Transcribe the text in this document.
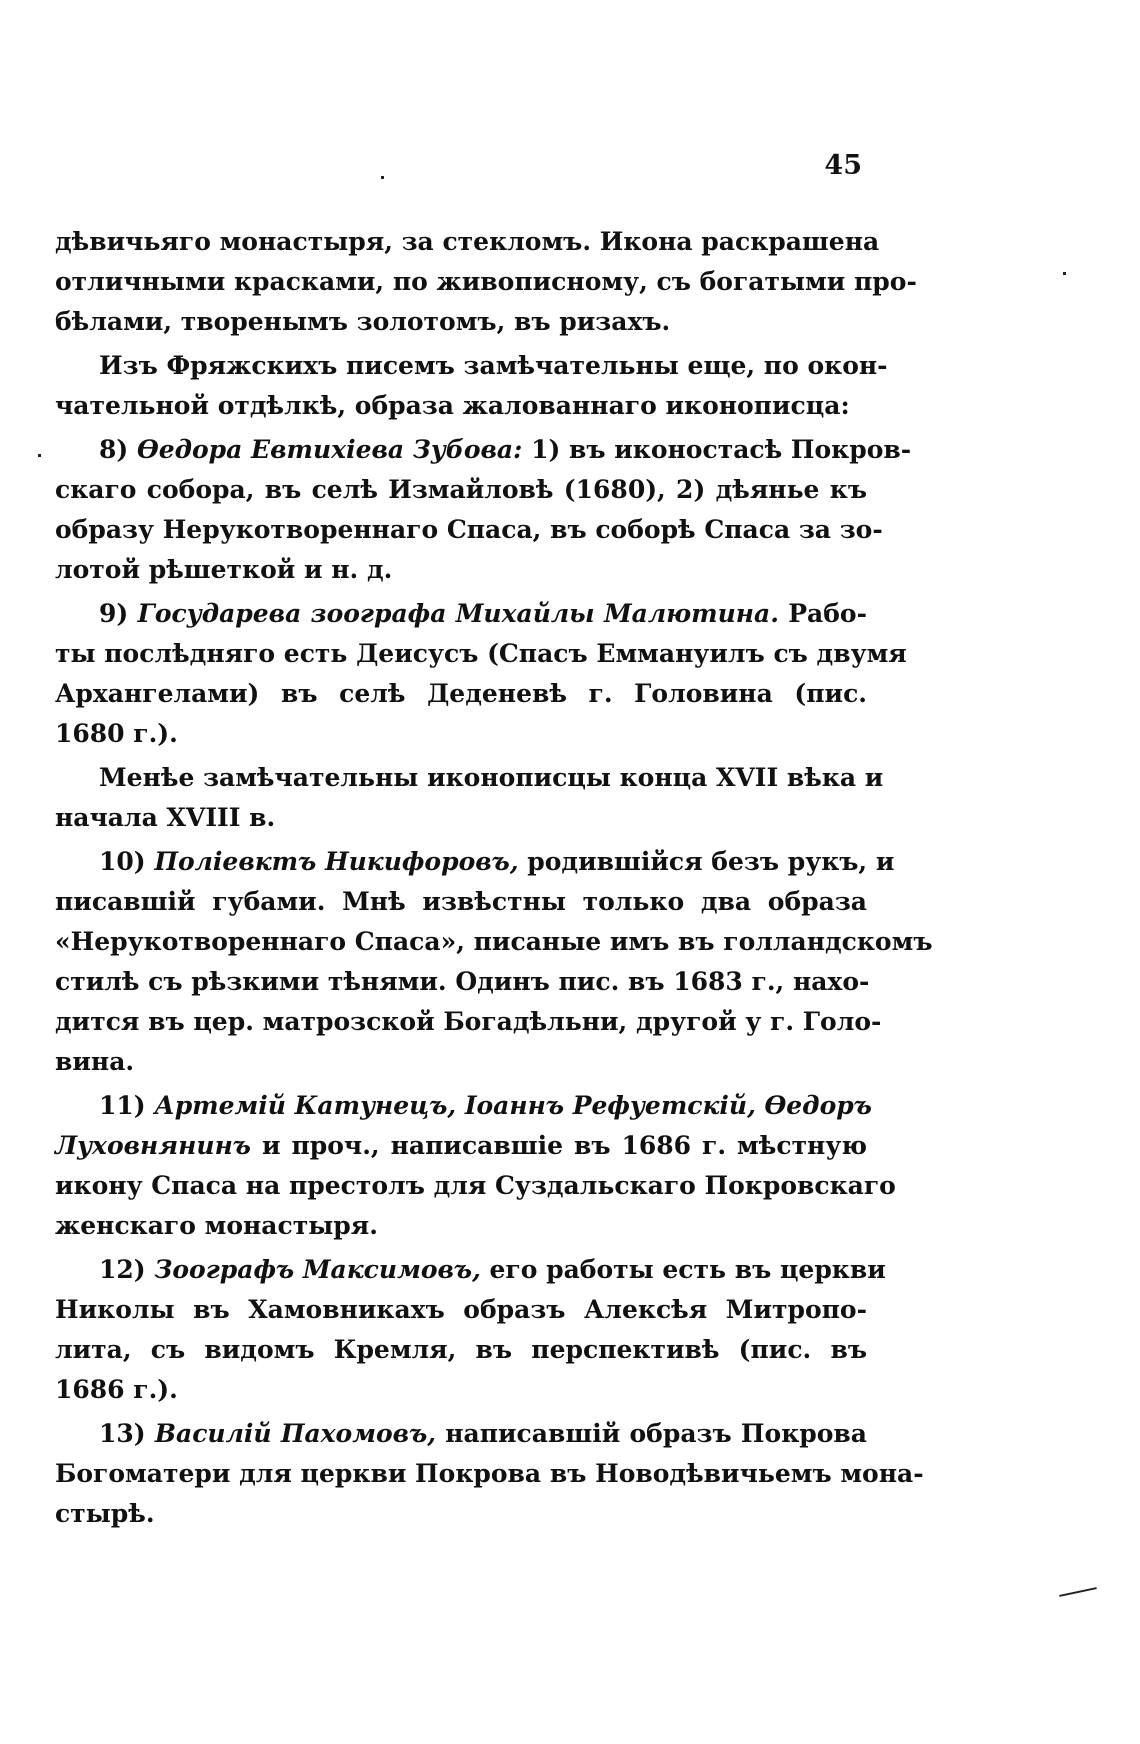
45
дѣвичьяго монастыря, за стекломъ. Икона раскрашена
отличными красками, по живописному, съ богатыми про-
бѣлами, творенымъ золотомъ, въ ризахъ.
Изъ Фряжскихъ писемъ замѣчательны еще, по окон-
чательной отдѣлкѣ, образа жалованнаго иконописца:
8) Ѳедора Евтихіева Зубова: 1) въ иконостасѣ Покров-
скаго собора, въ селѣ Измайловѣ (1680), 2) дѣянье къ
образу Нерукотвореннаго Спаса, въ соборѣ Спаса за зо-
лотой рѣшеткой и н. д.
9) Государева зоографа Михайлы Малютина. Рабо-
ты послѣдняго есть Деисусъ (Спасъ Еммануилъ съ двумя
Архангелами) въ селѣ Деденевѣ г. Головина (пис.
1680 г.).
Менѣе замѣчательны иконописцы конца XVII вѣка и
начала XVIII в.
10) Поліевктъ Никифоровъ, родившійся безъ рукъ, и
писавшій губами. Мнѣ извѣстны только два образа
«Нерукотвореннаго Спаса», писаные имъ въ голландскомъ
стилѣ съ рѣзкими тѣнями. Одинъ пис. въ 1683 г., нахо-
дится въ цер. матрозской Богадѣльни, другой у г. Голо-
вина.
11) Артемій Катунецъ, Іоаннъ Рефуетскій, Ѳедоръ
Луховнянинъ и проч., написавшіе въ 1686 г. мѣстную
икону Спаса на престолъ для Суздальскаго Покровскаго
женскаго монастыря.
12) Зоографъ Максимовъ, его работы есть въ церкви
Николы въ Хамовникахъ образъ Алексѣя Митропо-
лита, съ видомъ Кремля, въ перспективѣ (пис. въ
1686 г.).
13) Василій Пахомовъ, написавшій образъ Покрова
Богоматери для церкви Покрова въ Новодѣвичьемъ мона-
стырѣ.
